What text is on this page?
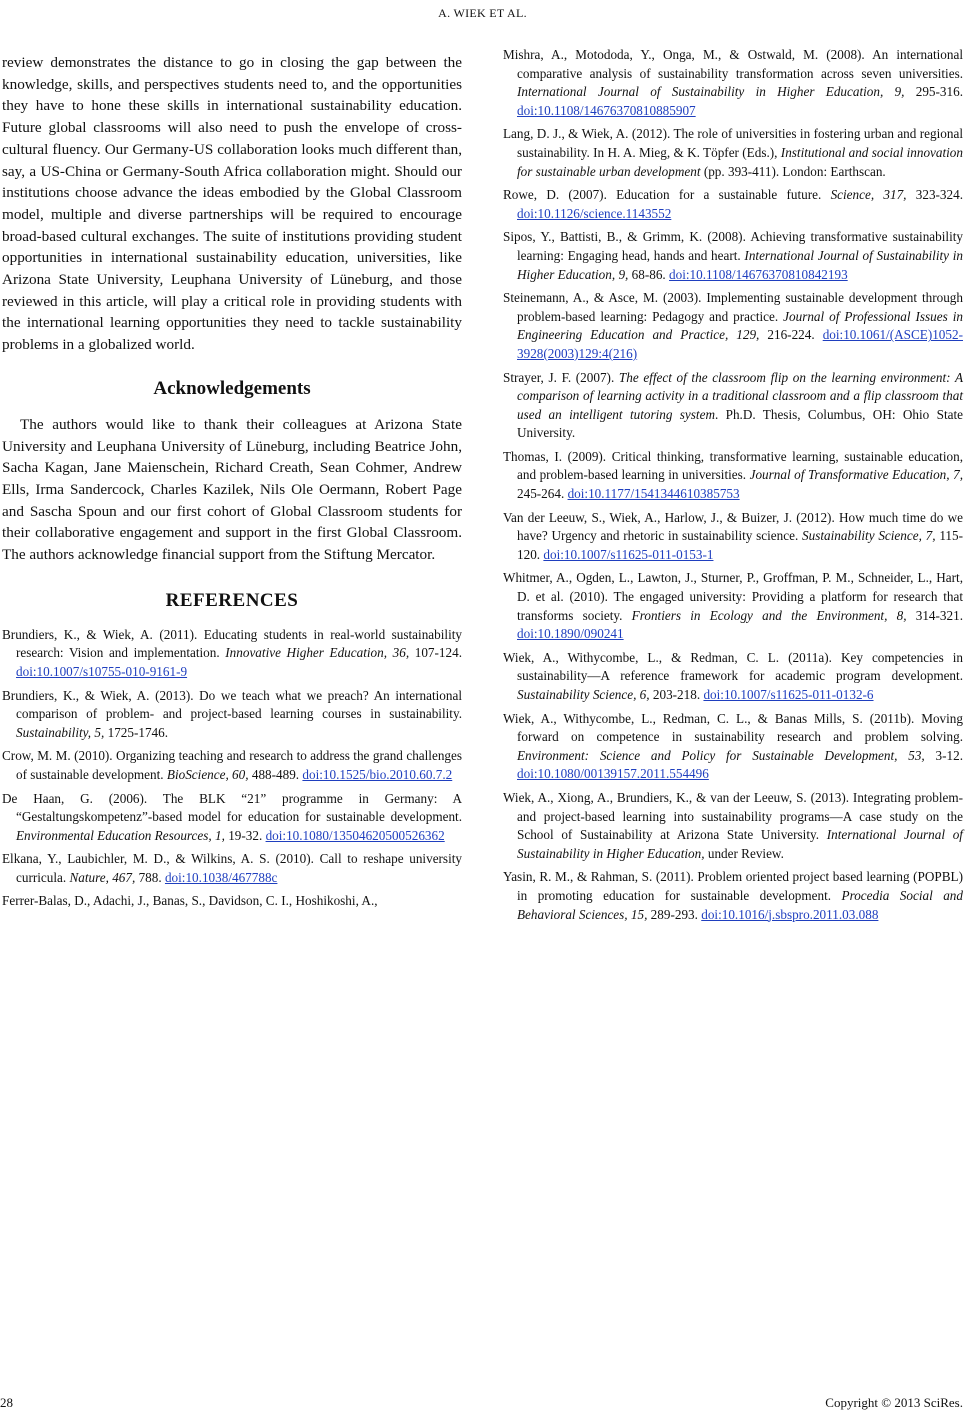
A. WIEK ET AL.

review demonstrates the distance to go in closing the gap between the knowledge, skills, and perspectives students need to, and the opportunities they have to hone these skills in international sustainability education. Future global classrooms will also need to push the envelope of cross-cultural fluency. Our Germany-US collaboration looks much different than, say, a US-China or Germany-South Africa collaboration might. Should our institutions choose advance the ideas embodied by the Global Classroom model, multiple and diverse partnerships will be required to encourage broad-based cultural exchanges. The suite of institutions providing student opportunities in international sustainability education, universities, like Arizona State University, Leuphana University of Lüneburg, and those reviewed in this article, will play a critical role in providing students with the international learning opportunities they need to tackle sustainability problems in a globalized world.

Acknowledgements

The authors would like to thank their colleagues at Arizona State University and Leuphana University of Lüneburg, including Beatrice John, Sacha Kagan, Jane Maienschein, Richard Creath, Sean Cohmer, Andrew Ells, Irma Sandercock, Charles Kazilek, Nils Ole Oermann, Robert Page and Sascha Spoun and our first cohort of Global Classroom students for their collaborative engagement and support in the first Global Classroom. The authors acknowledge financial support from the Stiftung Mercator.

REFERENCES
Brundiers, K., & Wiek, A. (2011). Educating students in real-world sustainability research: Vision and implementation. Innovative Higher Education, 36, 107-124. doi:10.1007/s10755-010-9161-9
Brundiers, K., & Wiek, A. (2013). Do we teach what we preach? An international comparison of problem- and project-based learning courses in sustainability. Sustainability, 5, 1725-1746.
Crow, M. M. (2010). Organizing teaching and research to address the grand challenges of sustainable development. BioScience, 60, 488-489. doi:10.1525/bio.2010.60.7.2
De Haan, G. (2006). The BLK “21” programme in Germany: A “Gestaltungskompetenz”-based model for education for sustainable development. Environmental Education Resources, 1, 19-32. doi:10.1080/13504620500526362
Elkana, Y., Laubichler, M. D., & Wilkins, A. S. (2010). Call to reshape university curricula. Nature, 467, 788. doi:10.1038/467788c
Ferrer-Balas, D., Adachi, J., Banas, S., Davidson, C. I., Hoshikoshi, A.,
Mishra, A., Motododa, Y., Onga, M., & Ostwald, M. (2008). An international comparative analysis of sustainability transformation across seven universities. International Journal of Sustainability in Higher Education, 9, 295-316. doi:10.1108/14676370810885907
Lang, D. J., & Wiek, A. (2012). The role of universities in fostering urban and regional sustainability. In H. A. Mieg, & K. Töpfer (Eds.), Institutional and social innovation for sustainable urban development (pp. 393-411). London: Earthscan.
Rowe, D. (2007). Education for a sustainable future. Science, 317, 323-324. doi:10.1126/science.1143552
Sipos, Y., Battisti, B., & Grimm, K. (2008). Achieving transformative sustainability learning: Engaging head, hands and heart. International Journal of Sustainability in Higher Education, 9, 68-86. doi:10.1108/14676370810842193
Steinemann, A., & Asce, M. (2003). Implementing sustainable development through problem-based learning: Pedagogy and practice. Journal of Professional Issues in Engineering Education and Practice, 129, 216-224. doi:10.1061/(ASCE)1052-3928(2003)129:4(216)
Strayer, J. F. (2007). The effect of the classroom flip on the learning environment: A comparison of learning activity in a traditional classroom and a flip classroom that used an intelligent tutoring system. Ph.D. Thesis, Columbus, OH: Ohio State University.
Thomas, I. (2009). Critical thinking, transformative learning, sustainable education, and problem-based learning in universities. Journal of Transformative Education, 7, 245-264. doi:10.1177/1541344610385753
Van der Leeuw, S., Wiek, A., Harlow, J., & Buizer, J. (2012). How much time do we have? Urgency and rhetoric in sustainability science. Sustainability Science, 7, 115-120. doi:10.1007/s11625-011-0153-1
Whitmer, A., Ogden, L., Lawton, J., Sturner, P., Groffman, P. M., Schneider, L., Hart, D. et al. (2010). The engaged university: Providing a platform for research that transforms society. Frontiers in Ecology and the Environment, 8, 314-321. doi:10.1890/090241
Wiek, A., Withycombe, L., & Redman, C. L. (2011a). Key competencies in sustainability—A reference framework for academic program development. Sustainability Science, 6, 203-218. doi:10.1007/s11625-011-0132-6
Wiek, A., Withycombe, L., Redman, C. L., & Banas Mills, S. (2011b). Moving forward on competence in sustainability research and problem solving. Environment: Science and Policy for Sustainable Development, 53, 3-12. doi:10.1080/00139157.2011.554496
Wiek, A., Xiong, A., Brundiers, K., & van der Leeuw, S. (2013). Integrating problem- and project-based learning into sustainability programs—A case study on the School of Sustainability at Arizona State University. International Journal of Sustainability in Higher Education, under Review.
Yasin, R. M., & Rahman, S. (2011). Problem oriented project based learning (POPBL) in promoting education for sustainable development. Procedia Social and Behavioral Sciences, 15, 289-293. doi:10.1016/j.sbspro.2011.03.088
28	Copyright © 2013 SciRes.
